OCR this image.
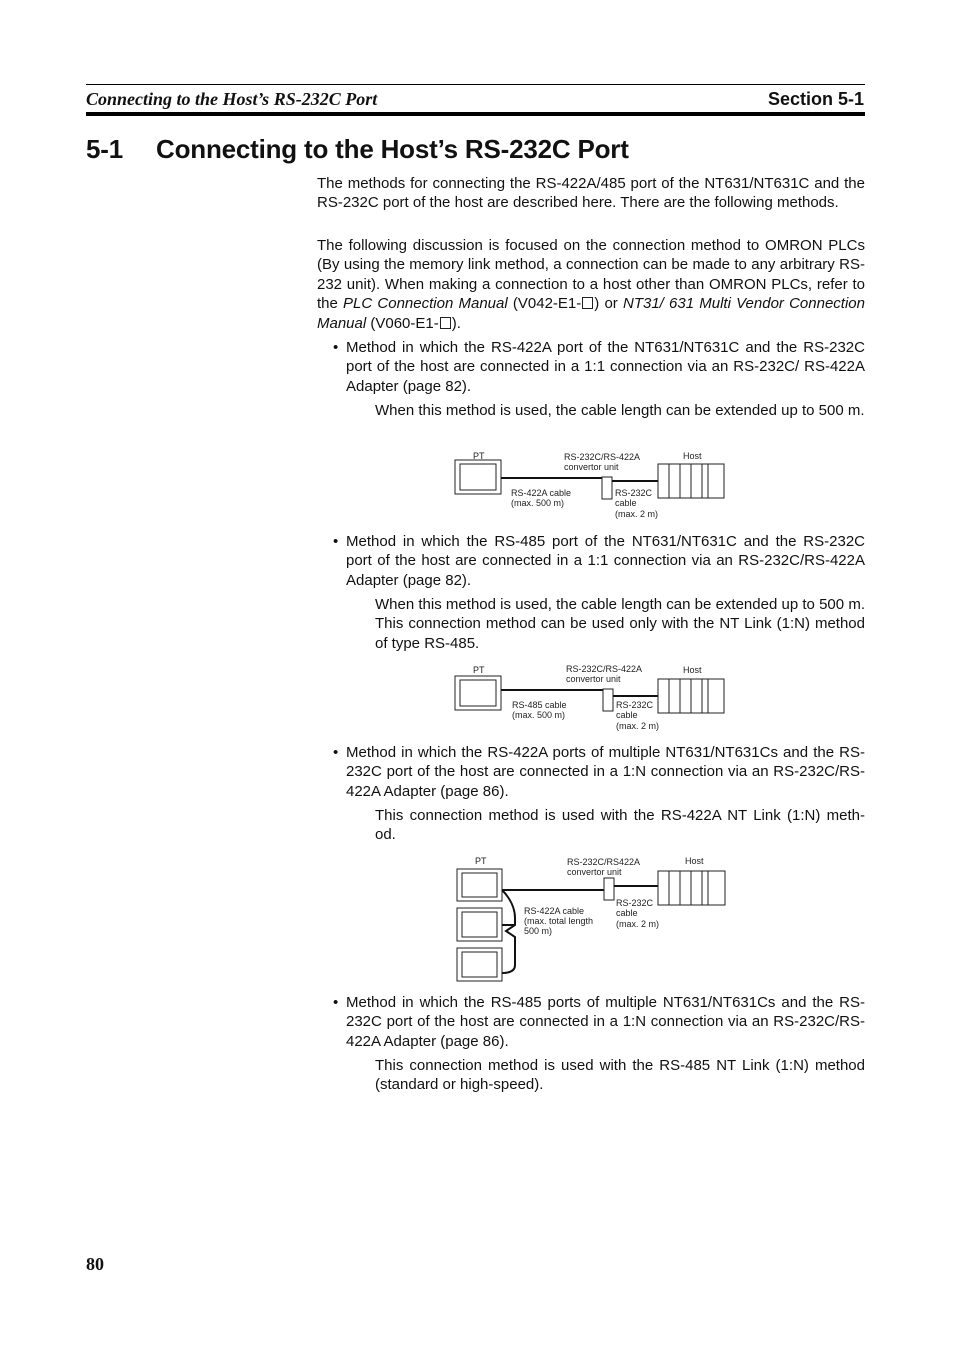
Connecting to the Host’s RS-232C Port	Section 5-1
5-1 Connecting to the Host’s RS-232C Port
The methods for connecting the RS-422A/485 port of the NT631/NT631C and the RS-232C port of the host are described here. There are the following methods.
The following discussion is focused on the connection method to OMRON PLCs (By using the memory link method, a connection can be made to any arbitrary RS-232 unit). When making a connection to a host other than OMRON PLCs, refer to the PLC Connection Manual (V042-E1- ) or NT31/ 631 Multi Vendor Connection Manual (V060-E1- ).
• Method in which the RS-422A port of the NT631/NT631C and the RS-232C port of the host are connected in a 1:1 connection via an RS-232C/ RS-422A Adapter (page 82).
When this method is used, the cable length can be extended up to 500 m.
PT	RS-232C/RS-422A
convertor unit
Host
RS-422A cable
(max. 500 m)
RS-232C
cable
(max. 2 m)
• Method in which the RS-485 port of the NT631/NT631C and the RS-232C port of the host are connected in a 1:1 connection via an RS-232C/RS-422A Adapter (page 82).
When this method is used, the cable length can be extended up to 500 m. This connection method can be used only with the NT Link (1:N) method of type RS-485.
PT	RS-232C/RS-422A
convertor unit
Host
RS-485 cable
(max. 500 m)
RS-232C
cable
(max. 2 m)
• Method in which the RS-422A ports of multiple NT631/NT631Cs and the RS-232C port of the host are connected in a 1:N connection via an RS-232C/RS-422A Adapter (page 86).
This connection method is used with the RS-422A NT Link (1:N) meth- od.
PT	RS-232C/RS422A
convertor unit
Host
RS-422A cable
(max. total length
500 m)
RS-232C
cable
(max. 2 m)
• Method in which the RS-485 ports of multiple NT631/NT631Cs and the RS-232C port of the host are connected in a 1:N connection via an RS-232C/RS-422A Adapter (page 86).
This connection method is used with the RS-485 NT Link (1:N) method (standard or high-speed).
80
